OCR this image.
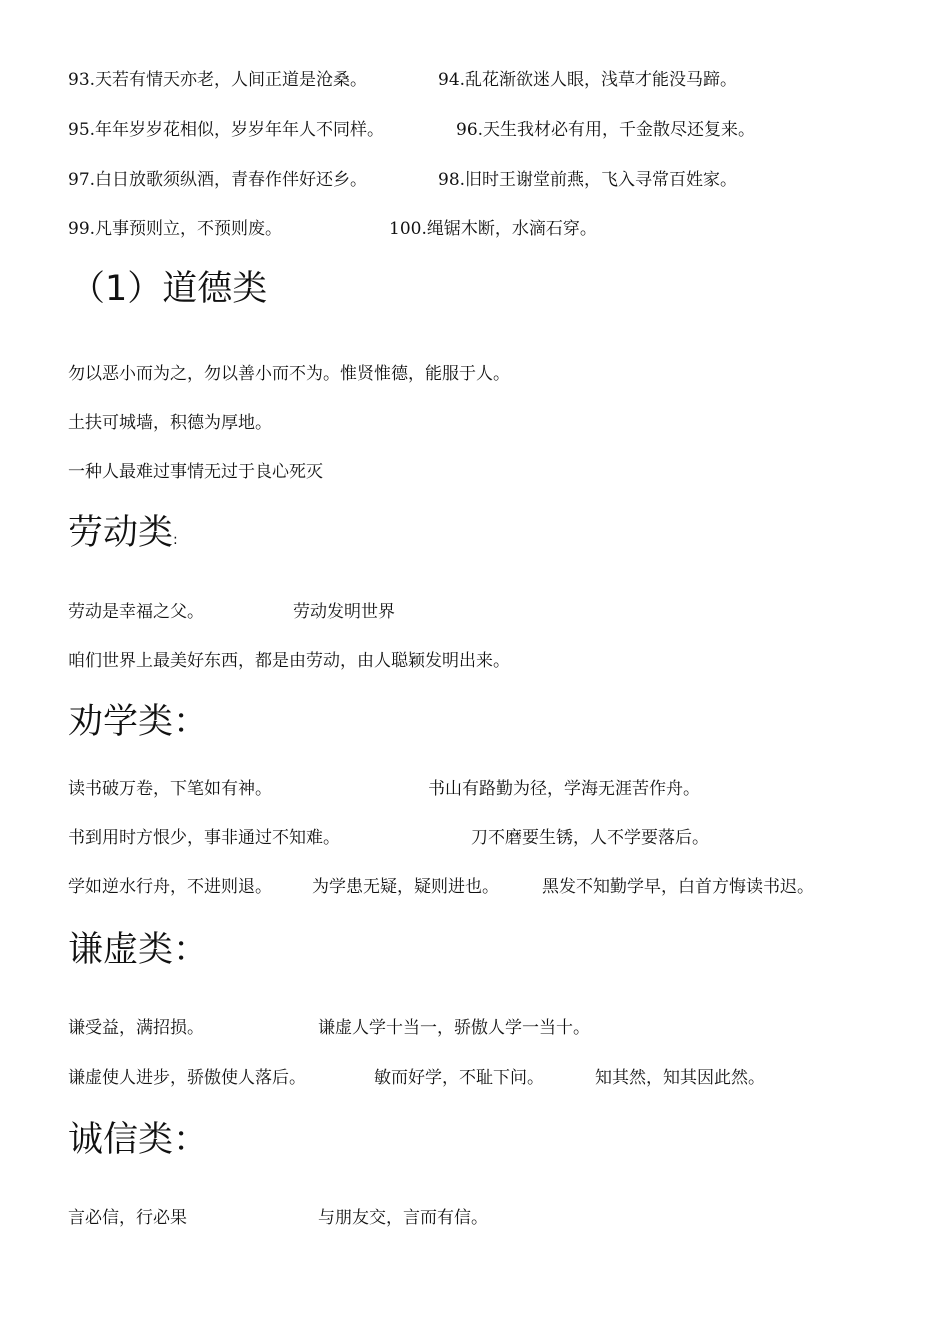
93.天若有情天亦老，人间正道是沧桑。	94.乱花渐欲迷人眼，浅草才能没马蹄。
95.年年岁岁花相似，岁岁年年人不同样。	96.天生我材必有用，千金散尽还复来。
97.白日放歌须纵酒，青春作伴好还乡。	98.旧时王谢堂前燕，飞入寻常百姓家。
99.凡事预则立，不预则废。	100.绳锯木断，水滴石穿。
（1）道德类
勿以恶小而为之，勿以善小而不为。惟贤惟德，能服于人。
土扶可城墙，积德为厚地。
一种人最难过事情无过于良心死灭
劳动类:
劳动是幸福之父。	劳动发明世界
咱们世界上最美好东西，都是由劳动，由人聪颖发明出来。
劝学类：
读书破万卷，下笔如有神。	书山有路勤为径，学海无涯苦作舟。
书到用时方恨少，事非通过不知难。	刀不磨要生锈，人不学要落后。
学如逆水行舟，不进则退。 为学患无疑，疑则进也。	黑发不知勤学早，白首方悔读书迟。
谦虚类：
谦受益，满招损。	谦虚人学十当一，骄傲人学一当十。
谦虚使人进步，骄傲使人落后。	敏而好学，不耻下问。	知其然，知其因此然。
诚信类：
言必信，行必果	与朋友交，言而有信。
